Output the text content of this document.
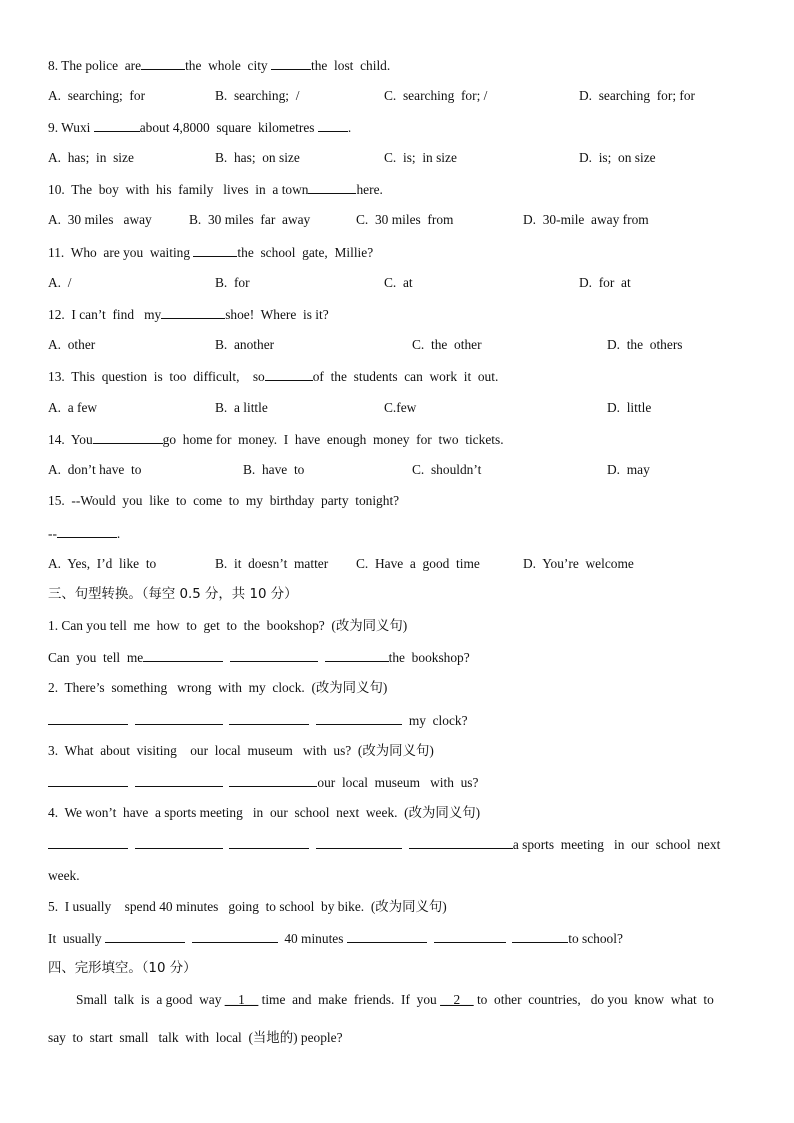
8. The police  are	the  whole  city	the  lost  child.
A.  searching;  for	B.  searching;  /	C.  searching  for; /	D.  searching  for; for
9. Wuxi	about 4,8000  square  kilometres .
A.  has;  in  size	B.  has;  on size	C.  is;  in size	D.  is;  on size
10.  The  boy  with  his  family   lives  in  a town	here.
A.  30 miles   away	B.  30 miles  far  away	C.  30 miles  from	D.  30-mile  away from
11.  Who  are you  waiting	the  school  gate,  Millie?
A.  /	B.  for	C.  at	D.  for  at
12.  I can’t  find   my	shoe!  Where  is it?
A.  other	B.  another	C.  the  other	D.  the  others
13.  This  question  is  too  difficult,    so	of  the  students  can  work  it  out.
A.  a few	B.  a little	C.few	D.  little
14.  You	go  home for  money.  I  have  enough  money  for  two  tickets.
A.  don’t have  to	B.  have  to	C.  shouldn’t	D.  may
15.  --Would  you  like  to  come  to  my  birthday  party  tonight?
--	.
A.  Yes,  I’d  like  to	B.  it  doesn’t  matter C.  Have  a  good  time	D.  You’re  welcome
三、句型转换。（每空 0.5 分，共 10 分）
1. Can you tell  me  how  to  get  to  the  bookshop?  (改为同义句)
Can  you  tell  me	the  bookshop?
2.  There’s  something   wrong  with  my  clock.  (改为同义句)
my  clock?
3.  What  about  visiting    our  local  museum   with  us?  (改为同义句)
our  local  museum   with  us?
4.  We won’t  have  a sports meeting   in  our  school  next  week.  (改为同义句)
a sports  meeting   in  our  school  next
week.
5.  I usually    spend 40 minutes   going  to school  by bike.  (改为同义句)
It  usually	40 minutes	to school?
四、完形填空。（10 分）
Small  talk  is  a good  way __1__ time  and  make  friends.  If  you __2__ to  other  countries,   do you  know  what  to
say  to  start  small   talk  with  local  (当地的) people?
